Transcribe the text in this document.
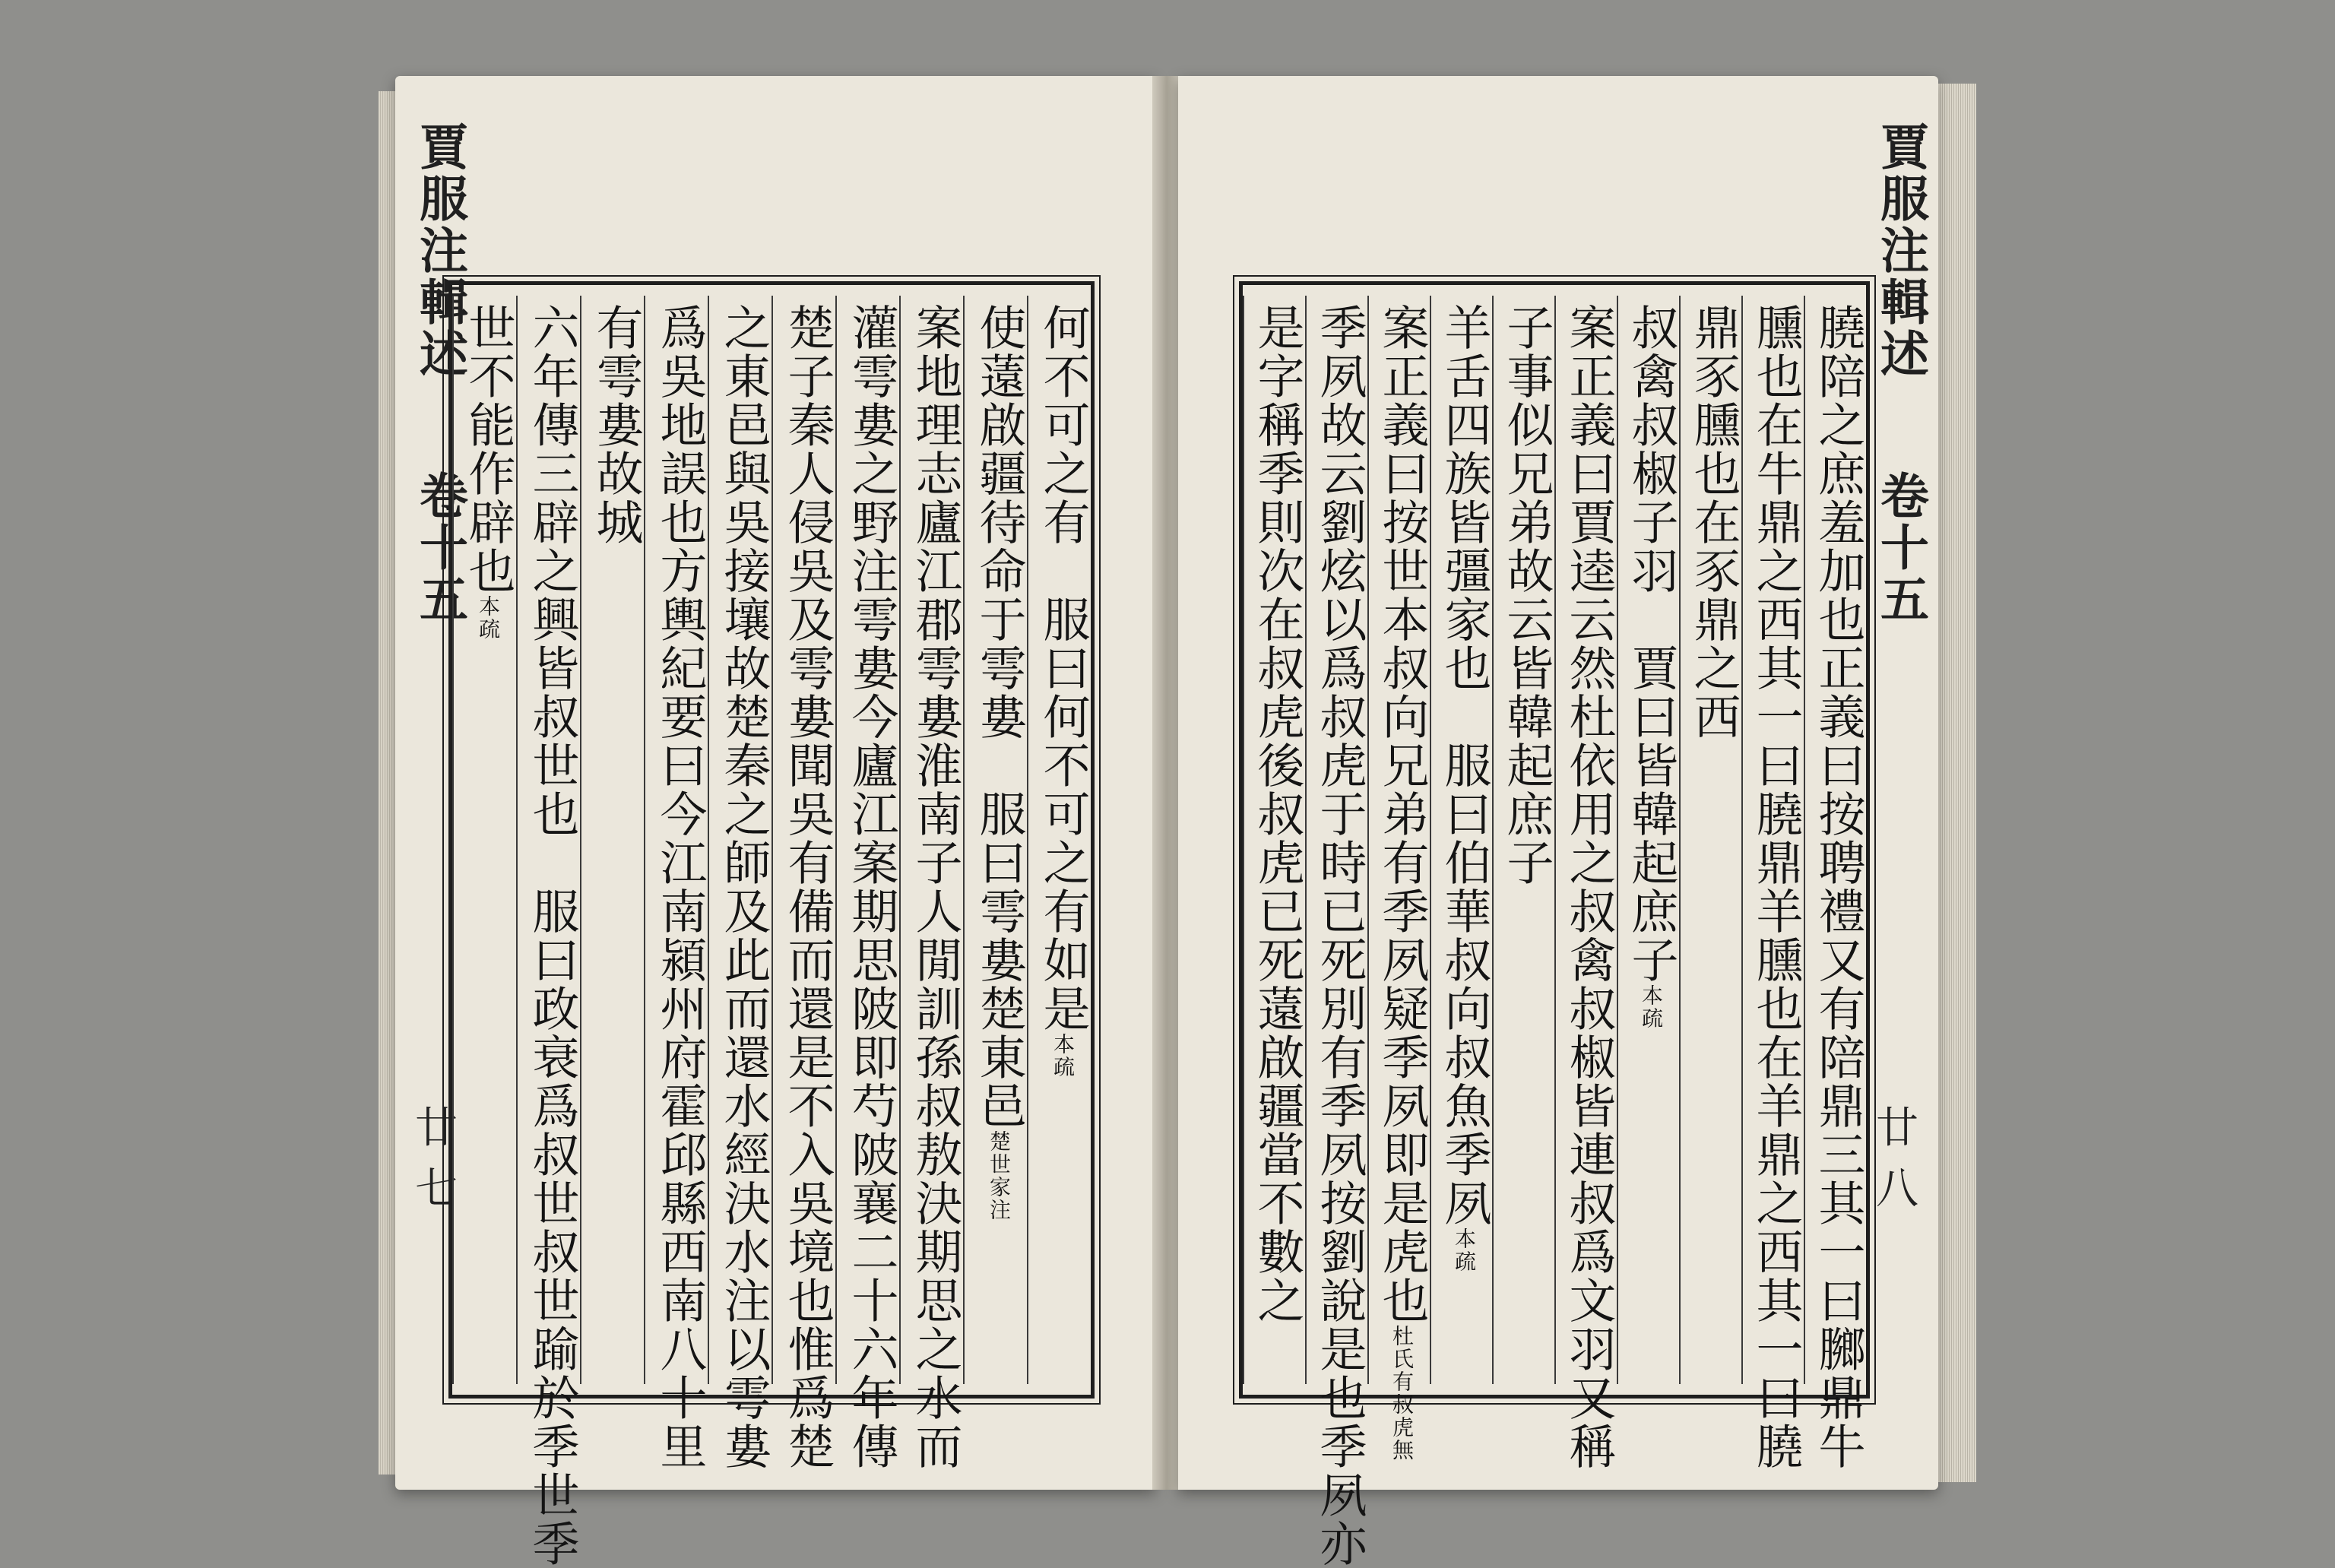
賈服注輯述 卷十五
廿七
何不可之有　服曰何不可之有如是本疏
使薳啟疆待命于雩婁　服曰雩婁楚東邑楚世家注
案地理志廬江郡雩婁淮南子人閒訓孫叔敖決期思之水而
灌雩婁之野注雩婁今廬江案期思陂即芍陂襄二十六年傳
楚子秦人侵吳及雩婁聞吳有備而還是不入吳境也惟爲楚
之東邑與吳接壤故楚秦之師及此而還水經決水注以雩婁
爲吳地誤也方輿紀要曰今江南潁州府霍邱縣西南八十里
有雩婁故城
六年傳三辟之興皆叔世也　服曰政衰爲叔世叔世踰於季世季
世不能作辟也本疏
賈服注輯述 卷十五
廿八
膮陪之庶羞加也正義曰按聘禮又有陪鼎三其一曰膷鼎牛
臐也在牛鼎之西其一曰膮鼎羊臐也在羊鼎之西其一曰膮
鼎豕臐也在豕鼎之西
叔禽叔椒子羽　賈曰皆韓起庶子本疏
案正義曰賈逵云然杜依用之叔禽叔椒皆連叔爲文羽又稱
子事似兄弟故云皆韓起庶子
羊舌四族皆彊家也　服曰伯華叔向叔魚季夙本疏
案正義曰按世本叔向兄弟有季夙疑季夙即是虎也杜氏有叔虎無
季夙故云劉炫以爲叔虎于時已死別有季夙按劉說是也季夙亦
是字稱季則次在叔虎後叔虎已死薳啟疆當不數之
